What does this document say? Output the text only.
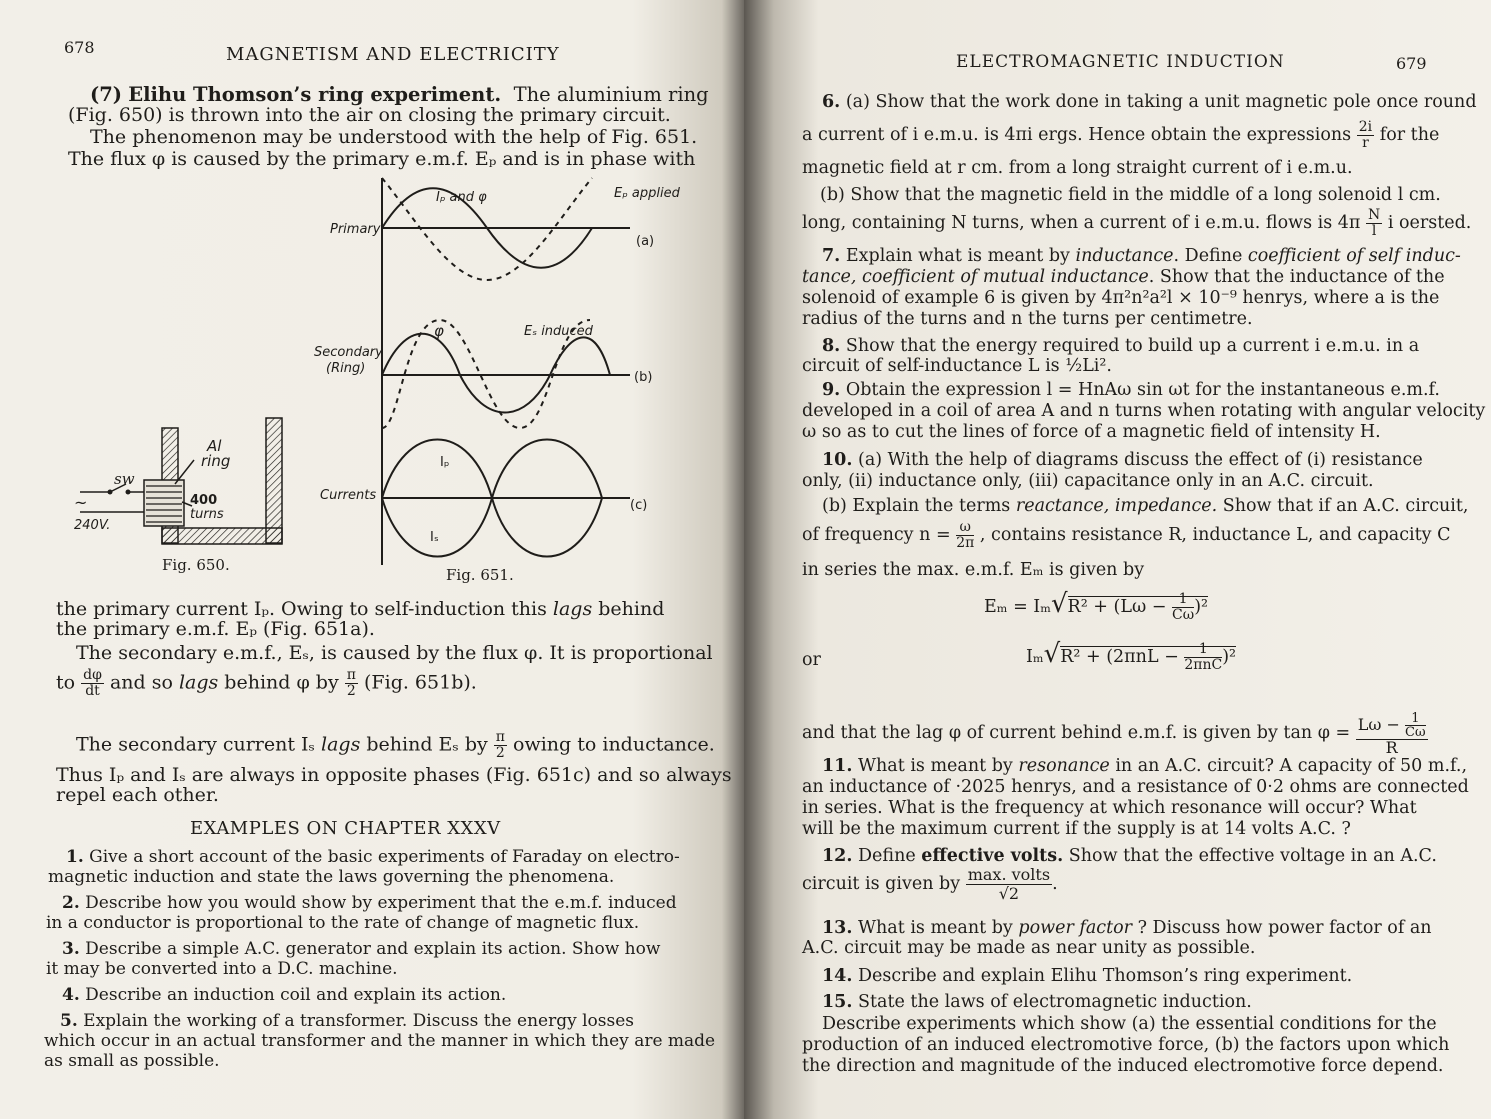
678	MAGNETISM AND ELECTRICITY
(7) Elihu Thomson’s ring experiment. The aluminium ring
(Fig. 650) is thrown into the air on closing the primary circuit.
The phenomenon may be understood with the help of Fig. 651.
The flux φ is caused by the primary e.m.f. Eₚ and is in phase with
Iₚ and φ	Eₚ applied
Primary
(a)
φ	Eₛ induced
Secondary
(Ring)
(b)
Iₚ
Currents
Iₛ
(c)
Fig. 651.
~
Al
ring
sw
400
turns
240V.
Fig. 650.
the primary current Iₚ. Owing to self-induction this lags behind
the primary e.m.f. Eₚ (Fig. 651a).
The secondary e.m.f., Eₛ, is caused by the flux φ. It is proportional
to $\frac{d\varphi}{dt}$ and so lags behind φ by $\frac{\pi}{2} (Fig$. 651b).
The secondary current Iₛ lags behind Eₛ by $\frac{\pi}{2}$ owing to inductance.
Thus Iₚ and Iₛ are always in opposite phases (Fig. 651c) and so always
repel each other.
EXAMPLES ON CHAPTER XXXV
1. Give a short account of the basic experiments of Faraday on electro-
magnetic induction and state the laws governing the phenomena.
2. Describe how you would show by experiment that the e.m.f. induced
in a conductor is proportional to the rate of change of magnetic flux.
3. Describe a simple A.C. generator and explain its action. Show how
it may be converted into a D.C. machine.
4. Describe an induction coil and explain its action.
5. Explain the working of a transformer. Discuss the energy losses
which occur in an actual transformer and the manner in which they are made
as small as possible.
ELECTROMAGNETIC INDUCTION	679
6. (a) Show that the work done in taking a unit magnetic pole once round
a current of i e.m.u. is 4πi ergs. Hence obtain the expressions $\frac{2i}{r}$ for the
magnetic field at r cm. from a long straight current of i e.m.u.
(b) Show that the magnetic field in the middle of a long solenoid l cm.
long, containing N turns, when a current of i e.m.u. flows is $4\pi \frac{N}{l}$ i oersted.
7. Explain what is meant by inductance. Define coefficient of self induc-
tance, coefficient of mutual inductance. Show that the inductance of the
solenoid of example 6 is given by 4π²n²a²l × 10⁻⁹ henrys, where a is the
radius of the turns and n the turns per centimetre.
8. Show that the energy required to build up a current i e.m.u. in a
circuit of self-inductance L is ½Li².
9. Obtain the expression l = HnAω sin ωt for the instantaneous e.m.f.
developed in a coil of area A and n turns when rotating with angular velocity
ω so as to cut the lines of force of a magnetic field of intensity H.
10. (a) With the help of diagrams discuss the effect of (i) resistance
only, (ii) inductance only, (iii) capacitance only in an A.C. circuit.
(b) Explain the terms reactance, impedance. Show that if an A.C. circuit,
of frequency $n = \frac{\omega}{2\pi}$ , contains resistance R, inductance L, and capacity C
in series the max. e.m.f. Eₘ is given by
$E_m = I_m√R^2 + (L\omega - \frac{1}{C\omega} )^2$
or	$I_m√R^2 + (2\pi nL - \frac{1}{\text{2πnC}} )^2$
and that the lag φ of current behind e.m.f. is given by $\tan \varphi = \frac{L\omega - \frac{1}{C\omega}}{R}$
11. What is meant by resonance in an A.C. circuit? A capacity of 50 m.f.,
an inductance of ·2025 henrys, and a resistance of 0·2 ohms are connected
in series. What is the frequency at which resonance will occur? What
will be the maximum current if the supply is at 14 volts A.C. ?
12. Define effective volts. Show that the effective voltage in an A.C.
circuit is given by $\frac{\text{max. volts}}{√2}$ .
13. What is meant by power factor ? Discuss how power factor of an
A.C. circuit may be made as near unity as possible.
14. Describe and explain Elihu Thomson’s ring experiment.
15. State the laws of electromagnetic induction.
Describe experiments which show (a) the essential conditions for the
production of an induced electromotive force, (b) the factors upon which
the direction and magnitude of the induced electromotive force depend.
